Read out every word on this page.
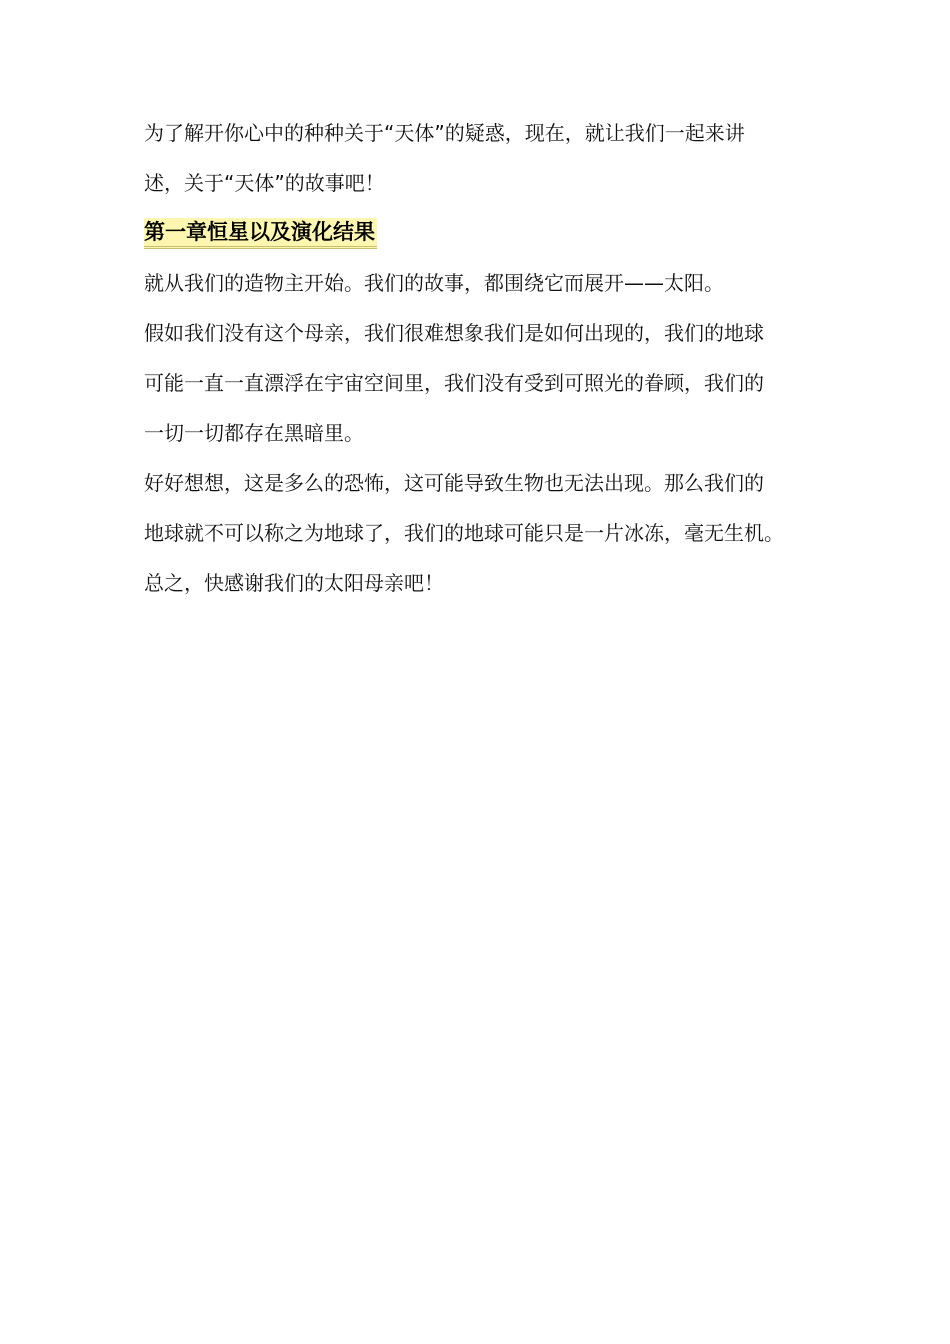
为了解开你心中的种种关于“天体”的疑惑，现在，就让我们一起来讲
述，关于“天体”的故事吧！
第一章恒星以及演化结果
就从我们的造物主开始。我们的故事，都围绕它而展开——太阳。
假如我们没有这个母亲，我们很难想象我们是如何出现的，我们的地球
可能一直一直漂浮在宇宙空间里，我们没有受到可照光的眷顾，我们的
一切一切都存在黑暗里。
好好想想，这是多么的恐怖，这可能导致生物也无法出现。那么我们的
地球就不可以称之为地球了，我们的地球可能只是一片冰冻，毫无生机。
总之，快感谢我们的太阳母亲吧！
